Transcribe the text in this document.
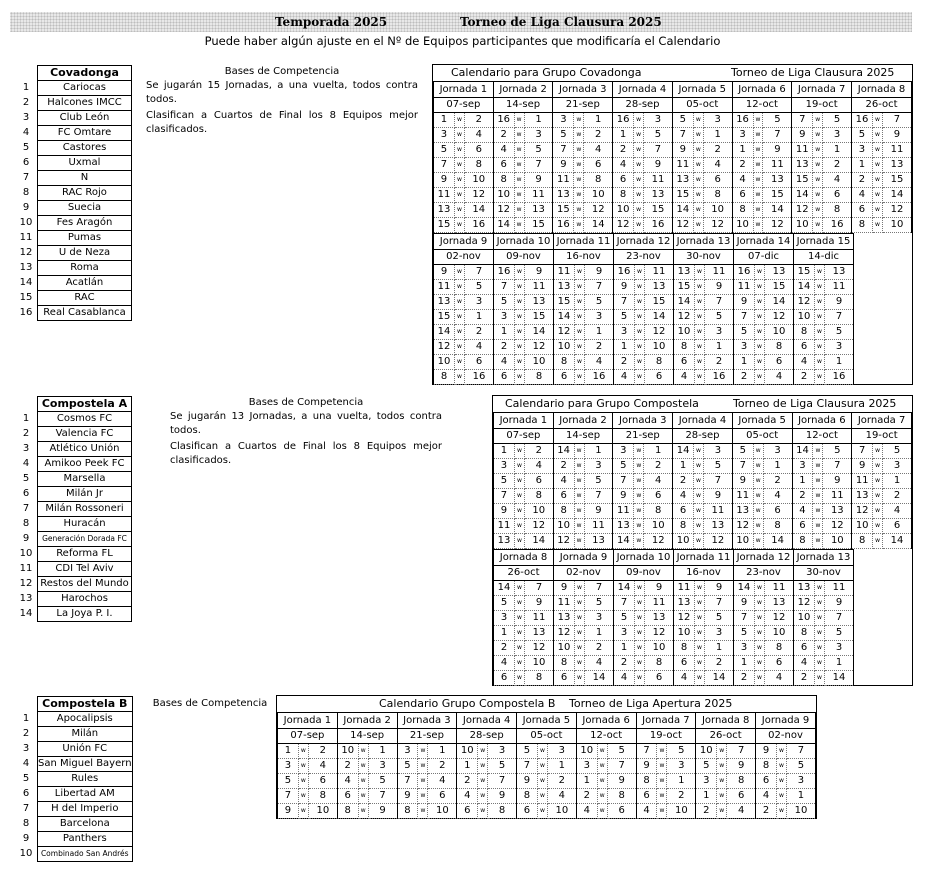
Temporada 2025	Torneo de Liga Clausura 2025
Puede haber algún ajuste en el Nº de Equipos participantes que modificaría el Calendario
	Covadonga
1	Cariocas
2	Halcones IMCC
3	Club León
4	FC Omtare
5	Castores
6	Uxmal
7	N
8	RAC Rojo
9	Suecia
10	Fes Aragón
11	Pumas
12	U de Neza
13	Roma
14	Acatlán
15	RAC
16	Real Casablanca
Bases de Competencia

Se jugarán 15 Jornadas, a una vuelta, todos contra todos.

Clasifican a Cuartos de Final los 8 Equipos mejor clasificados.

Calendario para Grupo Covadonga	Torneo de Liga Clausura 2025
Jornada 1			Jornada 2			Jornada 3			Jornada 4			Jornada 5			Jornada 6			Jornada 7			Jornada 8		
07-sep			14-sep			21-sep			28-sep			05-oct			12-oct			19-oct			26-oct		
1	w	2	16	w	1	3	w	1	16	w	3	5	w	3	16	w	5	7	w	5	16	w	7
3	w	4	2	w	3	5	w	2	1	w	5	7	w	1	3	w	7	9	w	3	5	w	9
5	w	6	4	w	5	7	w	4	2	w	7	9	w	2	1	w	9	11	w	1	3	w	11
7	w	8	6	w	7	9	w	6	4	w	9	11	w	4	2	w	11	13	w	2	1	w	13
9	w	10	8	w	9	11	w	8	6	w	11	13	w	6	4	w	13	15	w	4	2	w	15
11	w	12	10	w	11	13	w	10	8	w	13	15	w	8	6	w	15	14	w	6	4	w	14
13	w	14	12	w	13	15	w	12	10	w	15	14	w	10	8	w	14	12	w	8	6	w	12
15	w	16	14	w	15	16	w	14	12	w	16	12	w	12	10	w	12	10	w	16	8	w	10
Jornada 9			Jornada 10			Jornada 11			Jornada 12			Jornada 13			Jornada 14			Jornada 15		
02-nov			09-nov			16-nov			23-nov			30-nov			07-dic			14-dic		
9	w	7	16	w	9	11	w	9	16	w	11	13	w	11	16	w	13	15	w	13
11	w	5	7	w	11	13	w	7	9	w	13	15	w	9	11	w	15	14	w	11
13	w	3	5	w	13	15	w	5	7	w	15	14	w	7	9	w	14	12	w	9
15	w	1	3	w	15	14	w	3	5	w	14	12	w	5	7	w	12	10	w	7
14	w	2	1	w	14	12	w	1	3	w	12	10	w	3	5	w	10	8	w	5
12	w	4	2	w	12	10	w	2	1	w	10	8	w	1	3	w	8	6	w	3
10	w	6	4	w	10	8	w	4	2	w	8	6	w	2	1	w	6	4	w	1
8	w	16	6	w	8	6	w	16	4	w	6	4	w	16	2	w	4	2	w	16
	Compostela A
1	Cosmos FC
2	Valencia FC
3	Atlético Unión
4	Amikoo Peek FC
5	Marsella
6	Milán Jr
7	Milán Rossoneri
8	Huracán
9	Generación Dorada FC
10	Reforma FL
11	CDI Tel Aviv
12	Restos del Mundo
13	Harochos
14	La Joya P. I.
Bases de Competencia

Se jugarán 13 Jornadas, a una vuelta, todos contra todos.

Clasifican a Cuartos de Final los 8 Equipos mejor clasificados.

Calendario para Grupo Compostela	Torneo de Liga Clausura 2025
Jornada 1			Jornada 2			Jornada 3			Jornada 4			Jornada 5			Jornada 6			Jornada 7		
07-sep			14-sep			21-sep			28-sep			05-oct			12-oct			19-oct		
1	w	2	14	w	1	3	w	1	14	w	3	5	w	3	14	w	5	7	w	5
3	w	4	2	w	3	5	w	2	1	w	5	7	w	1	3	w	7	9	w	3
5	w	6	4	w	5	7	w	4	2	w	7	9	w	2	1	w	9	11	w	1
7	w	8	6	w	7	9	w	6	4	w	9	11	w	4	2	w	11	13	w	2
9	w	10	8	w	9	11	w	8	6	w	11	13	w	6	4	w	13	12	w	4
11	w	12	10	w	11	13	w	10	8	w	13	12	w	8	6	w	12	10	w	6
13	w	14	12	w	13	14	w	12	10	w	12	10	w	14	8	w	10	8	w	14
Jornada 8			Jornada 9			Jornada 10			Jornada 11			Jornada 12			Jornada 13		
26-oct			02-nov			09-nov			16-nov			23-nov			30-nov		
14	w	7	9	w	7	14	w	9	11	w	9	14	w	11	13	w	11
5	w	9	11	w	5	7	w	11	13	w	7	9	w	13	12	w	9
3	w	11	13	w	3	5	w	13	12	w	5	7	w	12	10	w	7
1	w	13	12	w	1	3	w	12	10	w	3	5	w	10	8	w	5
2	w	12	10	w	2	1	w	10	8	w	1	3	w	8	6	w	3
4	w	10	8	w	4	2	w	8	6	w	2	1	w	6	4	w	1
6	w	8	6	w	14	4	w	6	4	w	14	2	w	4	2	w	14
	Compostela B
1	Apocalipsis
2	Milán
3	Unión FC
4	San Miguel Bayern
5	Rules
6	Libertad AM
7	H del Imperio
8	Barcelona
9	Panthers
10	Combinado San Andrés
Bases de Competencia	Calendario Grupo Compostela B Torneo de Liga Apertura 2025
Jornada 1			Jornada 2			Jornada 3			Jornada 4			Jornada 5			Jornada 6			Jornada 7			Jornada 8			Jornada 9		
07-sep			14-sep			21-sep			28-sep			05-oct			12-oct			19-oct			26-oct			02-nov		
1	w	2	10	w	1	3	w	1	10	w	3	5	w	3	10	w	5	7	w	5	10	w	7	9	w	7
3	w	4	2	w	3	5	w	2	1	w	5	7	w	1	3	w	7	9	w	3	5	w	9	8	w	5
5	w	6	4	w	5	7	w	4	2	w	7	9	w	2	1	w	9	8	w	1	3	w	8	6	w	3
7	w	8	6	w	7	9	w	6	4	w	9	8	w	4	2	w	8	6	w	2	1	w	6	4	w	1
9	w	10	8	w	9	8	w	10	6	w	8	6	w	10	4	w	6	4	w	10	2	w	4	2	w	10
